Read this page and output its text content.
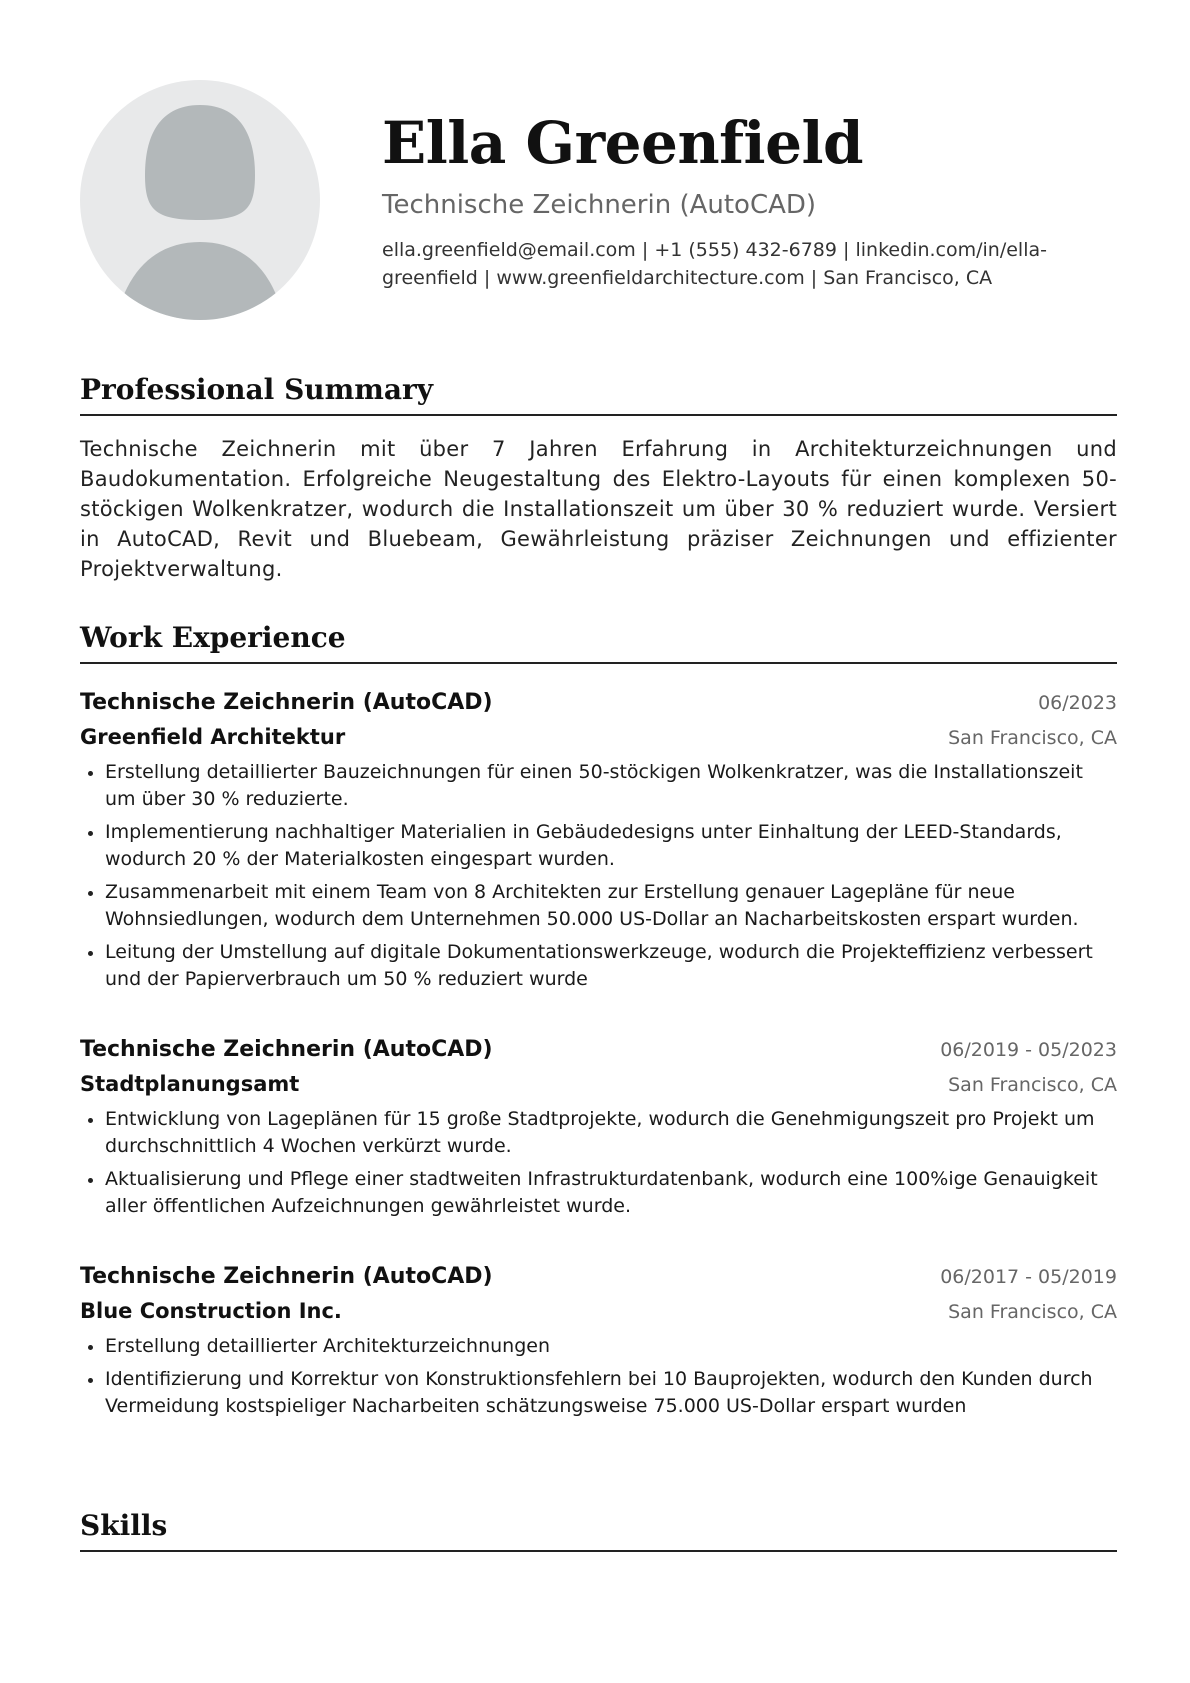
Ella Greenfield
Technische Zeichnerin (AutoCAD)
ella.greenfield@email.com | +1 (555) 432-6789 | linkedin.com/in/ella-greenfield | www.greenfieldarchitecture.com | San Francisco, CA
Professional Summary
Technische Zeichnerin mit über 7 Jahren Erfahrung in Architekturzeichnungen und Baudokumentation. Erfolgreiche Neugestaltung des Elektro-Layouts für einen komplexen 50-stöckigen Wolkenkratzer, wodurch die Installationszeit um über 30 % reduziert wurde. Versiert in AutoCAD, Revit und Bluebeam, Gewährleistung präziser Zeichnungen und effizienter Projektverwaltung.
Work Experience
Technische Zeichnerin (AutoCAD)	06/2023
Greenfield Architektur	San Francisco, CA
Erstellung detaillierter Bauzeichnungen für einen 50-stöckigen Wolkenkratzer, was die Installationszeit um über 30 % reduzierte.
Implementierung nachhaltiger Materialien in Gebäudedesigns unter Einhaltung der LEED-Standards, wodurch 20 % der Materialkosten eingespart wurden.
Zusammenarbeit mit einem Team von 8 Architekten zur Erstellung genauer Lagepläne für neue Wohnsiedlungen, wodurch dem Unternehmen 50.000 US-Dollar an Nacharbeitskosten erspart wurden.
Leitung der Umstellung auf digitale Dokumentationswerkzeuge, wodurch die Projekteffizienz verbessert und der Papierverbrauch um 50 % reduziert wurde
Technische Zeichnerin (AutoCAD)	06/2019 - 05/2023
Stadtplanungsamt	San Francisco, CA
Entwicklung von Lageplänen für 15 große Stadtprojekte, wodurch die Genehmigungszeit pro Projekt um durchschnittlich 4 Wochen verkürzt wurde.
Aktualisierung und Pflege einer stadtweiten Infrastrukturdatenbank, wodurch eine 100%ige Genauigkeit aller öffentlichen Aufzeichnungen gewährleistet wurde.
Technische Zeichnerin (AutoCAD)	06/2017 - 05/2019
Blue Construction Inc.	San Francisco, CA
Erstellung detaillierter Architekturzeichnungen
Identifizierung und Korrektur von Konstruktionsfehlern bei 10 Bauprojekten, wodurch den Kunden durch Vermeidung kostspieliger Nacharbeiten schätzungsweise 75.000 US-Dollar erspart wurden
Skills
